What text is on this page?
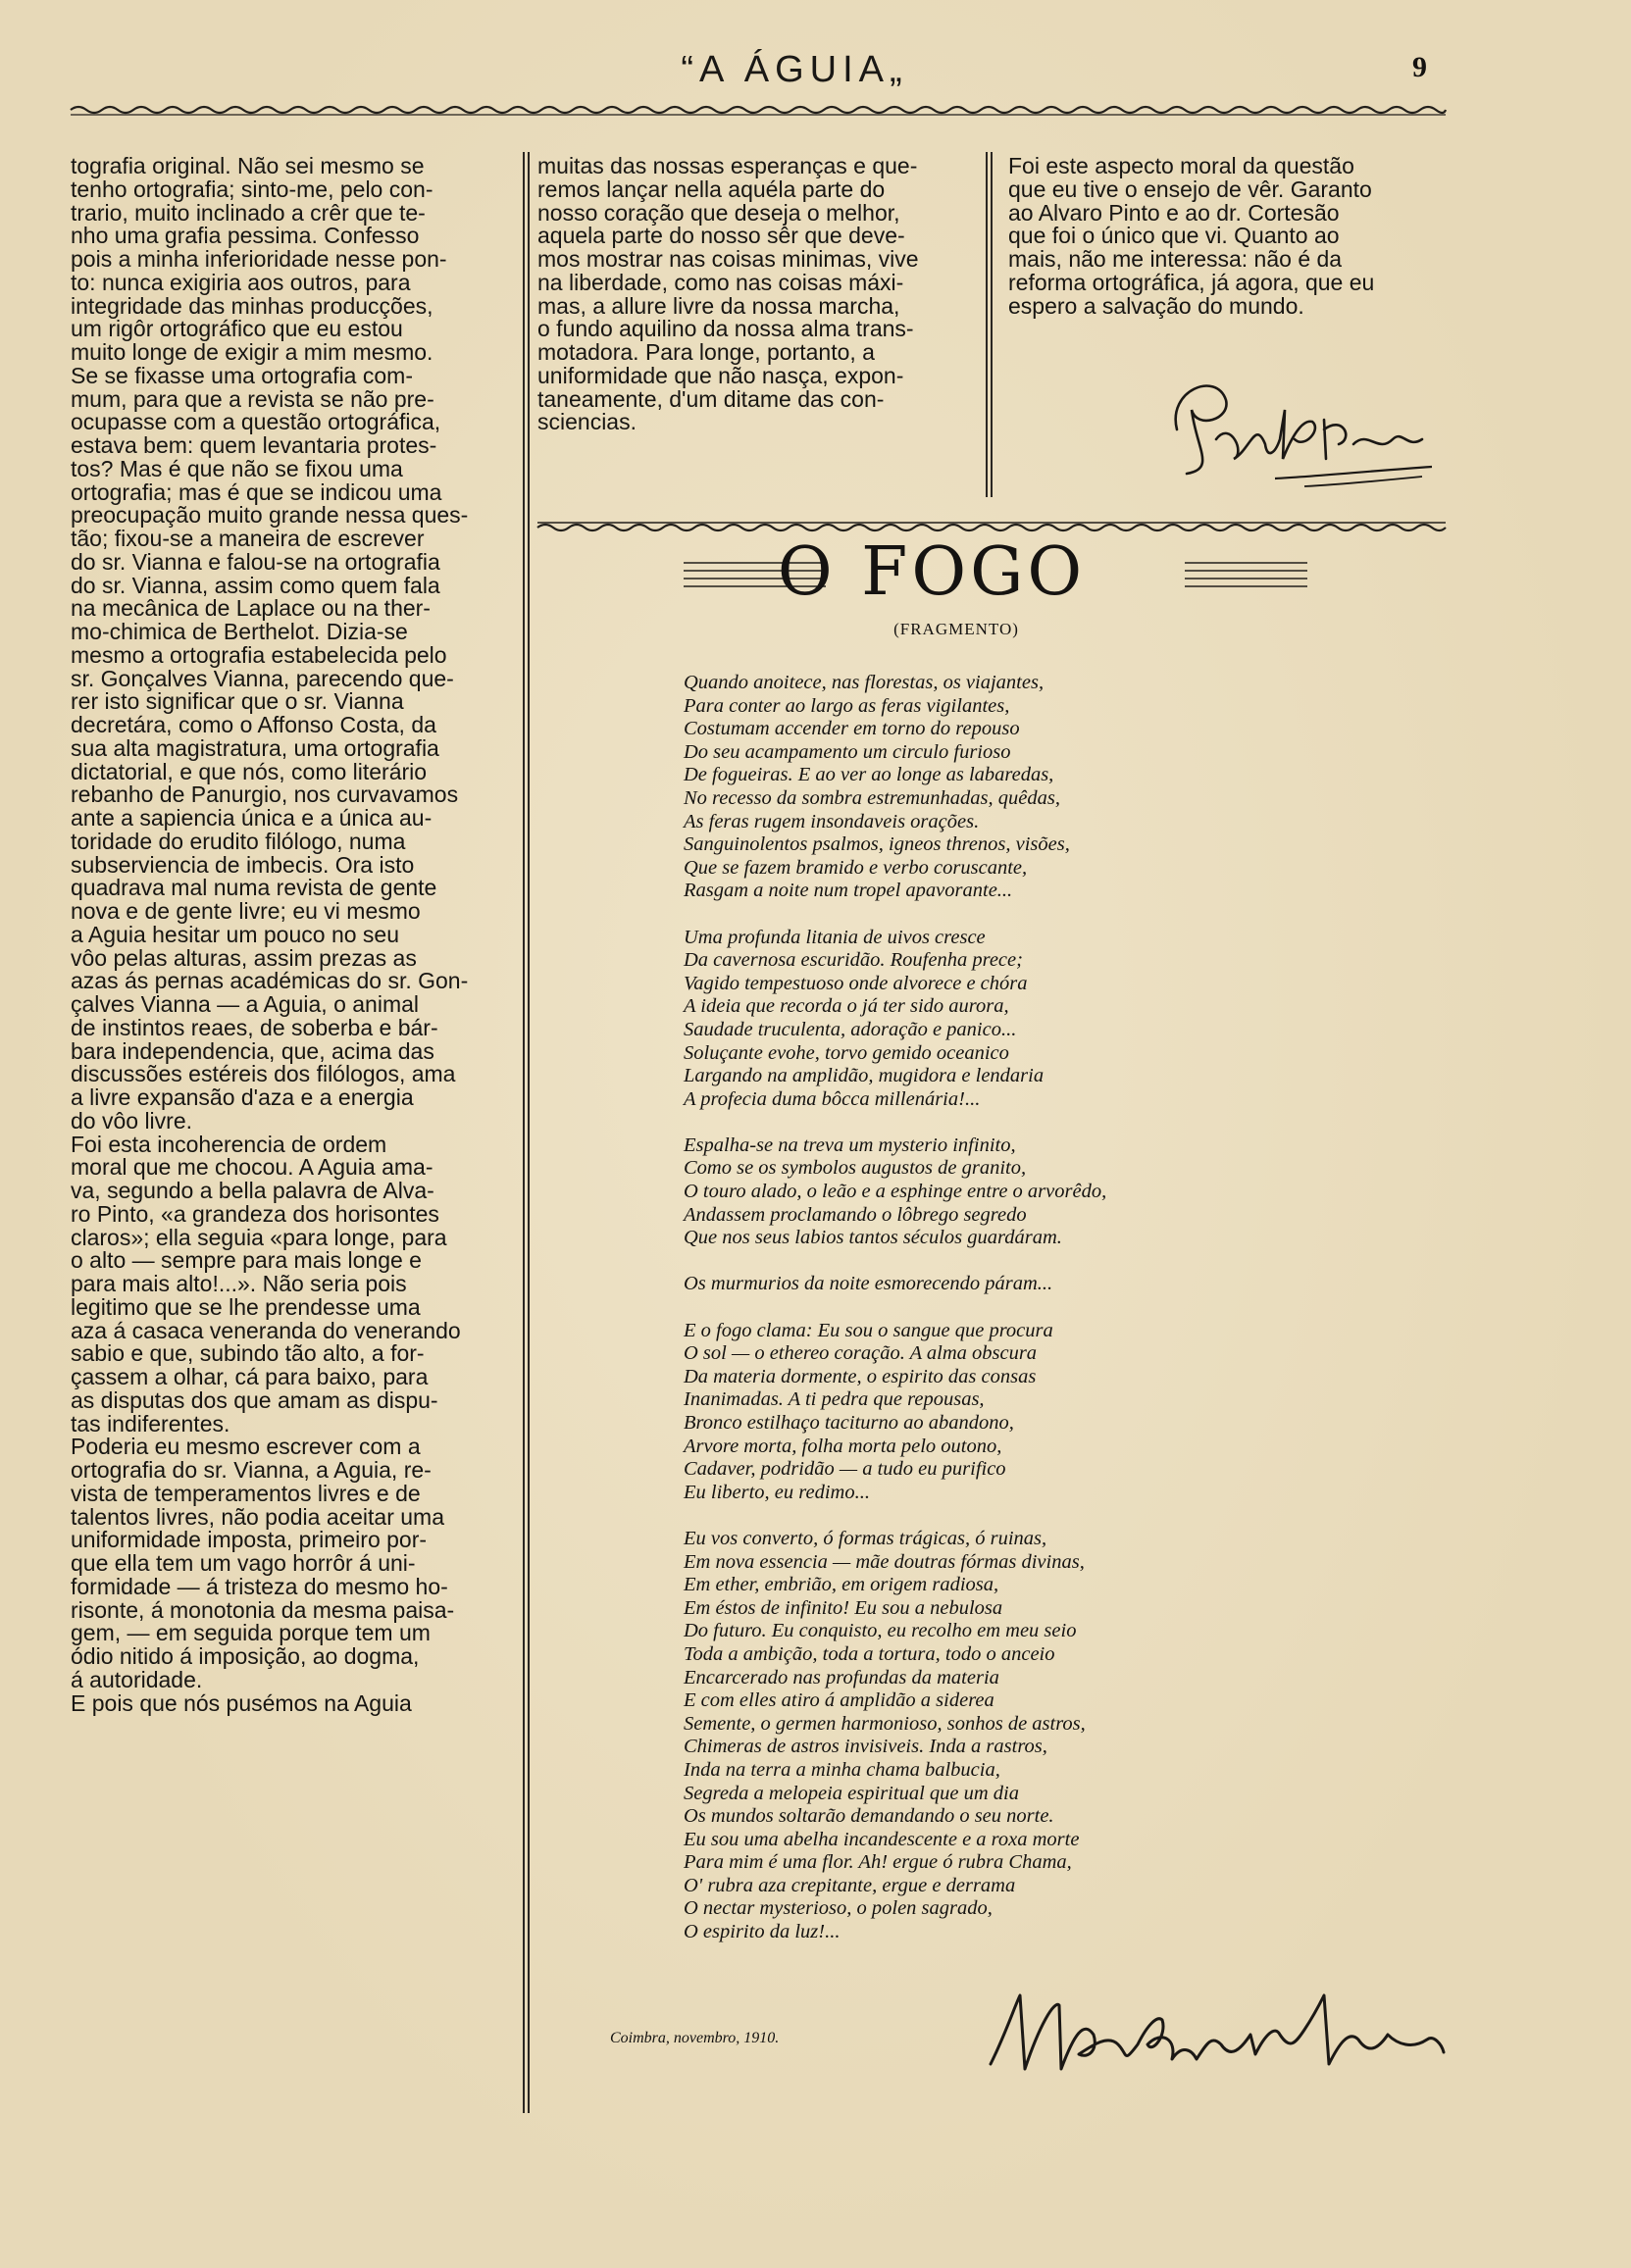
“A ÁGUIA„	9
tografia original. Não sei mesmo se
tenho ortografia; sinto-me, pelo con-
trario, muito inclinado a crêr que te-
nho uma grafia pessima. Confesso
pois a minha inferioridade nesse pon-
to: nunca exigiria aos outros, para
integridade das minhas producções,
um rigôr ortográfico que eu estou
muito longe de exigir a mim mesmo.
Se se fixasse uma ortografia com-
mum, para que a revista se não pre-
ocupasse com a questão ortográfica,
estava bem: quem levantaria protes-
tos? Mas é que não se fixou uma
ortografia; mas é que se indicou uma
preocupação muito grande nessa ques-
tão; fixou-se a maneira de escrever
do sr. Vianna e falou-se na ortografia
do sr. Vianna, assim como quem fala
na mecânica de Laplace ou na ther-
mo-chimica de Berthelot. Dizia-se
mesmo a ortografia estabelecida pelo
sr. Gonçalves Vianna, parecendo que-
rer isto significar que o sr. Vianna
decretára, como o Affonso Costa, da
sua alta magistratura, uma ortografia
dictatorial, e que nós, como literário
rebanho de Panurgio, nos curvavamos
ante a sapiencia única e a única au-
toridade do erudito filólogo, numa
subserviencia de imbecis. Ora isto
quadrava mal numa revista de gente
nova e de gente livre; eu vi mesmo
a Aguia hesitar um pouco no seu
vôo pelas alturas, assim prezas as
azas ás pernas académicas do sr. Gon-
çalves Vianna — a Aguia, o animal
de instintos reaes, de soberba e bár-
bara independencia, que, acima das
discussões estéreis dos filólogos, ama
a livre expansão d'aza e a energia
do vôo livre.
Foi esta incoherencia de ordem
moral que me chocou. A Aguia ama-
va, segundo a bella palavra de Alva-
ro Pinto, «a grandeza dos horisontes
claros»; ella seguia «para longe, para
o alto — sempre para mais longe e
para mais alto!...». Não seria pois
legitimo que se lhe prendesse uma
aza á casaca veneranda do venerando
sabio e que, subindo tão alto, a for-
çassem a olhar, cá para baixo, para
as disputas dos que amam as dispu-
tas indiferentes.
Poderia eu mesmo escrever com a
ortografia do sr. Vianna, a Aguia, re-
vista de temperamentos livres e de
talentos livres, não podia aceitar uma
uniformidade imposta, primeiro por-
que ella tem um vago horrôr á uni-
formidade — á tristeza do mesmo ho-
risonte, á monotonia da mesma paisa-
gem, — em seguida porque tem um
ódio nitido á imposição, ao dogma,
á autoridade.
E pois que nós pusémos na Aguia
muitas das nossas esperanças e que-
remos lançar nella aquéla parte do
nosso coração que deseja o melhor,
aquela parte do nosso sêr que deve-
mos mostrar nas coisas minimas, vive
na liberdade, como nas coisas máxi-
mas, a allure livre da nossa marcha,
o fundo aquilino da nossa alma trans-
motadora. Para longe, portanto, a
uniformidade que não nasça, expon-
taneamente, d'um ditame das con-
sciencias.
Foi este aspecto moral da questão
que eu tive o ensejo de vêr. Garanto
ao Alvaro Pinto e ao dr. Cortesão
que foi o único que vi. Quanto ao
mais, não me interessa: não é da
reforma ortográfica, já agora, que eu
espero a salvação do mundo.
O FOGO
(FRAGMENTO)
Quando anoitece, nas florestas, os viajantes,
Para conter ao largo as feras vigilantes,
Costumam accender em torno do repouso
Do seu acampamento um circulo furioso
De fogueiras. E ao ver ao longe as labaredas,
No recesso da sombra estremunhadas, quêdas,
As feras rugem insondaveis orações.
Sanguinolentos psalmos, igneos threnos, visões,
Que se fazem bramido e verbo coruscante,
Rasgam a noite num tropel apavorante...
Uma profunda litania de uivos cresce
Da cavernosa escuridão. Roufenha prece;
Vagido tempestuoso onde alvorece e chóra
A ideia que recorda o já ter sido aurora,
Saudade truculenta, adoração e panico...
Soluçante evohe, torvo gemido oceanico
Largando na amplidão, mugidora e lendaria
A profecia duma bôcca millenária!...
Espalha-se na treva um mysterio infinito,
Como se os symbolos augustos de granito,
O touro alado, o leão e a esphinge entre o arvorêdo,
Andassem proclamando o lôbrego segredo
Que nos seus labios tantos séculos guardáram.
Os murmurios da noite esmorecendo páram...
E o fogo clama: Eu sou o sangue que procura
O sol — o ethereo coração. A alma obscura
Da materia dormente, o espirito das consas
Inanimadas. A ti pedra que repousas,
Bronco estilhaço taciturno ao abandono,
Arvore morta, folha morta pelo outono,
Cadaver, podridão — a tudo eu purifico
Eu liberto, eu redimo...
Eu vos converto, ó formas trágicas, ó ruinas,
Em nova essencia — mãe doutras fórmas divinas,
Em ether, embrião, em origem radiosa,
Em éstos de infinito! Eu sou a nebulosa
Do futuro. Eu conquisto, eu recolho em meu seio
Toda a ambição, toda a tortura, todo o anceio
Encarcerado nas profundas da materia
E com elles atiro á amplidão a siderea
Semente, o germen harmonioso, sonhos de astros,
Chimeras de astros invisiveis. Inda a rastros,
Inda na terra a minha chama balbucia,
Segreda a melopeia espiritual que um dia
Os mundos soltarão demandando o seu norte.
Eu sou uma abelha incandescente e a roxa morte
Para mim é uma flor. Ah! ergue ó rubra Chama,
O' rubra aza crepitante, ergue e derrama
O nectar mysterioso, o polen sagrado,
O espirito da luz!...
Coimbra, novembro, 1910.
